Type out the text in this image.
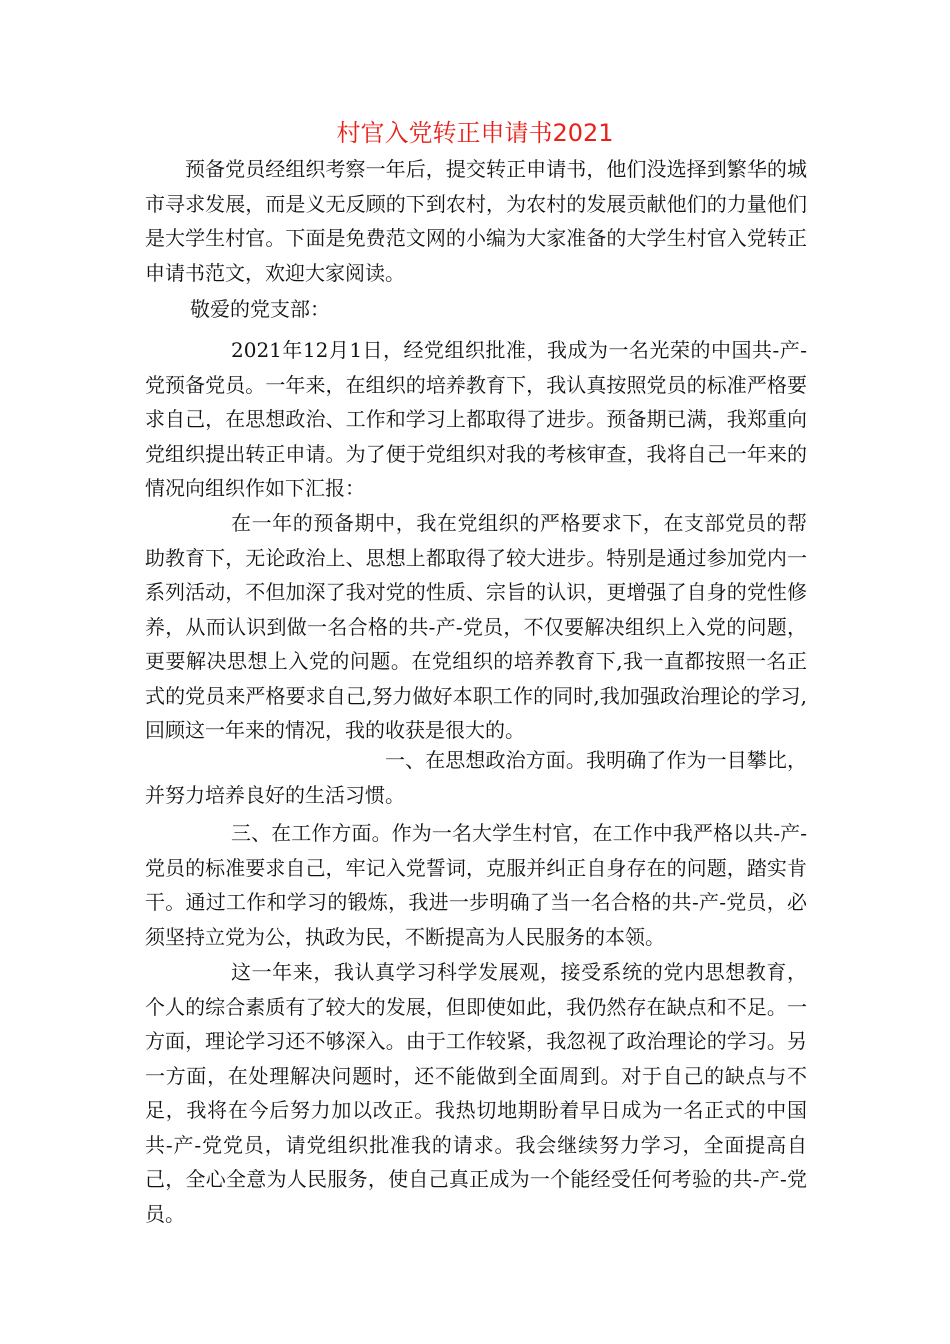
村官入党转正申请书2021

预备党员经组织考察一年后，提交转正申请书，他们没选择到繁华的城市寻求发展，而是义无反顾的下到农村，为农村的发展贡献他们的力量他们是大学生村官。下面是免费范文网的小编为大家准备的大学生村官入党转正申请书范文，欢迎大家阅读。

敬爱的党支部：

2021年12月1日，经党组织批准，我成为一名光荣的中国共-产-党预备党员。一年来，在组织的培养教育下，我认真按照党员的标准严格要求自己，在思想政治、工作和学习上都取得了进步。预备期已满，我郑重向党组织提出转正申请。为了便于党组织对我的考核审查，我将自己一年来的情况向组织作如下汇报：

在一年的预备期中，我在党组织的严格要求下，在支部党员的帮助教育下，无论政治上、思想上都取得了较大进步。特别是通过参加党内一系列活动，不但加深了我对党的性质、宗旨的认识，更增强了自身的党性修养，从而认识到做一名合格的共-产-党员，不仅要解决组织上入党的问题，更要解决思想上入党的问题。在党组织的培养教育下,我一直都按照一名正式的党员来严格要求自己,努力做好本职工作的同时,我加强政治理论的学习,回顾这一年来的情况，我的收获是很大的。

一、在思想政治方面。我明确了作为一目攀比，并努力培养良好的生活习惯。

三、在工作方面。作为一名大学生村官，在工作中我严格以共-产-党员的标准要求自己，牢记入党誓词，克服并纠正自身存在的问题，踏实肯干。通过工作和学习的锻炼，我进一步明确了当一名合格的共-产-党员，必须坚持立党为公，执政为民，不断提高为人民服务的本领。

这一年来，我认真学习科学发展观，接受系统的党内思想教育，个人的综合素质有了较大的发展，但即使如此，我仍然存在缺点和不足。一方面，理论学习还不够深入。由于工作较紧，我忽视了政治理论的学习。另一方面，在处理解决问题时，还不能做到全面周到。对于自己的缺点与不足，我将在今后努力加以改正。我热切地期盼着早日成为一名正式的中国共-产-党党员，请党组织批准我的请求。我会继续努力学习，全面提高自己，全心全意为人民服务，使自己真正成为一个能经受任何考验的共-产-党员。
